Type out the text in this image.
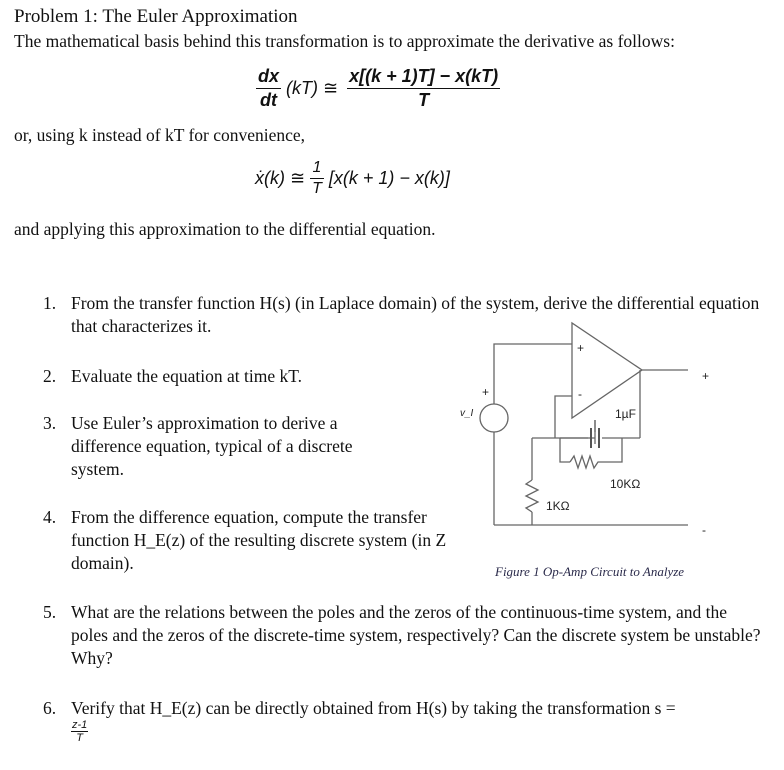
Problem 1: The Euler Approximation
The mathematical basis behind this transformation is to approximate the derivative as follows:
$\frac{dx}{dt} (kT)$ ≅ $\frac{x[(k + 1)T] - x(kT)}{T}$
or, using k instead of kT for convenience,
ẋ(k) ≅ $\frac{1}{T} [x(k + 1) - x(k)]$
and applying this approximation to the differential equation.
1. From the transfer function H(s) (in Laplace domain) of the system, derive the differential equation that characterizes it.
2. Evaluate the equation at time kT.
3. Use Euler’s approximation to derive a difference equation, typical of a discrete system.
4. From the difference equation, compute the transfer function H_E(z) of the resulting discrete system (in Z domain).
5. What are the relations between the poles and the zeros of the continuous-time system, and the poles and the zeros of the discrete-time system, respectively? Can the discrete system be unstable? Why?
6. Verify that H_E(z) can be directly obtained from H(s) by taking the transformation s =
$\frac{z-1}{T}$
+
-
+
-
+
v_I	1µF
10KΩ
1KΩ
Figure 1 Op-Amp Circuit to Analyze
